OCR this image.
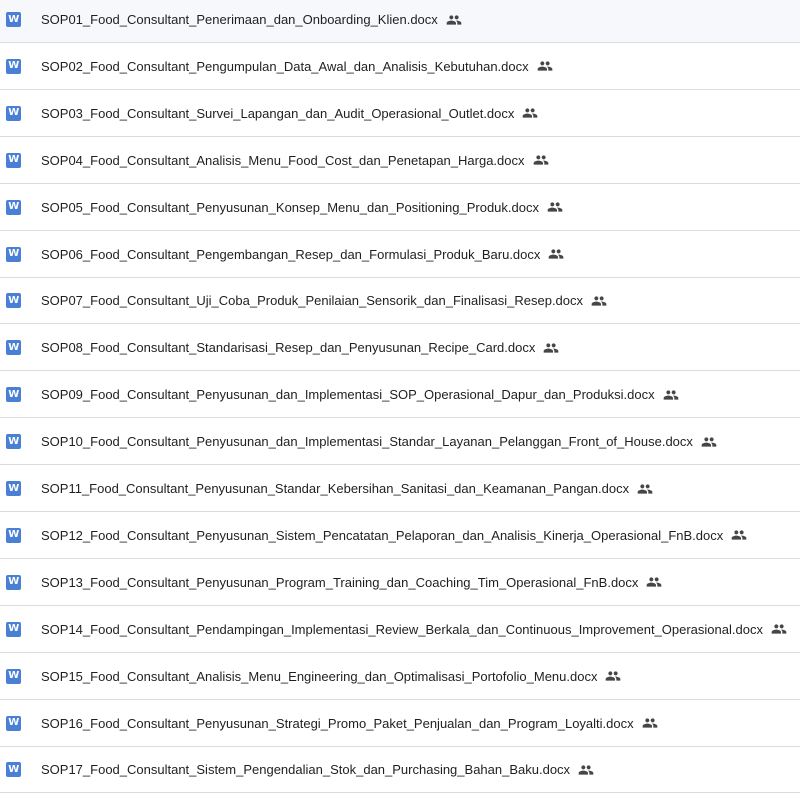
W SOP01_Food_Consultant_Penerimaan_dan_Onboarding_Klien.docx
W SOP02_Food_Consultant_Pengumpulan_Data_Awal_dan_Analisis_Kebutuhan.docx
W SOP03_Food_Consultant_Survei_Lapangan_dan_Audit_Operasional_Outlet.docx
W SOP04_Food_Consultant_Analisis_Menu_Food_Cost_dan_Penetapan_Harga.docx
W SOP05_Food_Consultant_Penyusunan_Konsep_Menu_dan_Positioning_Produk.docx
W SOP06_Food_Consultant_Pengembangan_Resep_dan_Formulasi_Produk_Baru.docx
W SOP07_Food_Consultant_Uji_Coba_Produk_Penilaian_Sensorik_dan_Finalisasi_Resep.docx
W SOP08_Food_Consultant_Standarisasi_Resep_dan_Penyusunan_Recipe_Card.docx
W SOP09_Food_Consultant_Penyusunan_dan_Implementasi_SOP_Operasional_Dapur_dan_Produksi.docx
W SOP10_Food_Consultant_Penyusunan_dan_Implementasi_Standar_Layanan_Pelanggan_Front_of_House.docx
W SOP11_Food_Consultant_Penyusunan_Standar_Kebersihan_Sanitasi_dan_Keamanan_Pangan.docx
W SOP12_Food_Consultant_Penyusunan_Sistem_Pencatatan_Pelaporan_dan_Analisis_Kinerja_Operasional_FnB.docx
W SOP13_Food_Consultant_Penyusunan_Program_Training_dan_Coaching_Tim_Operasional_FnB.docx
W SOP14_Food_Consultant_Pendampingan_Implementasi_Review_Berkala_dan_Continuous_Improvement_Operasional.docx
W SOP15_Food_Consultant_Analisis_Menu_Engineering_dan_Optimalisasi_Portofolio_Menu.docx
W SOP16_Food_Consultant_Penyusunan_Strategi_Promo_Paket_Penjualan_dan_Program_Loyalti.docx
W SOP17_Food_Consultant_Sistem_Pengendalian_Stok_dan_Purchasing_Bahan_Baku.docx
